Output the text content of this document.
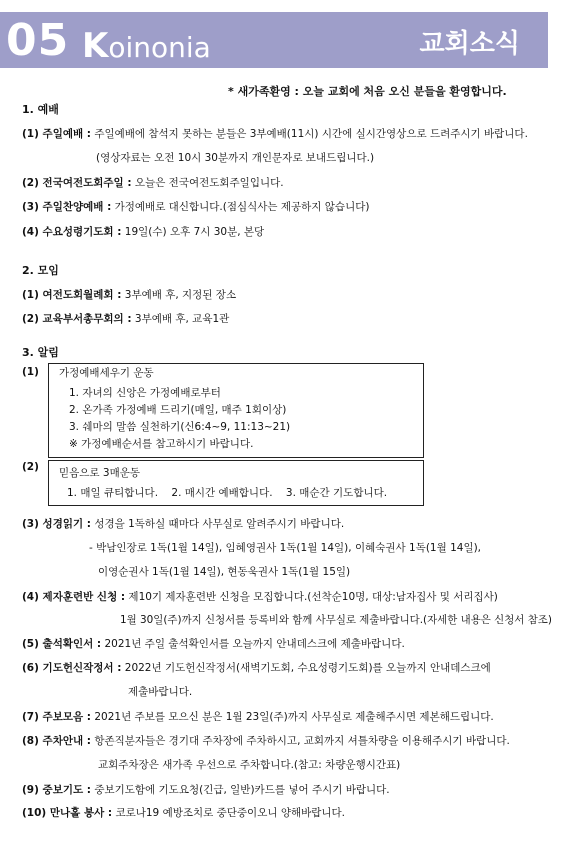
05 Koinonia	교회소식
* 새가족환영 : 오늘 교회에 처음 오신 분들을 환영합니다.
1. 예배
(1) 주일예배 : 주일예배에 참석지 못하는 분들은 3부예배(11시) 시간에 실시간영상으로 드려주시기 바랍니다.
(영상자료는 오전 10시 30분까지 개인문자로 보내드립니다.)
(2) 전국여전도회주일 : 오늘은 전국여전도회주일입니다.
(3) 주일찬양예배 : 가정예배로 대신합니다.(점심식사는 제공하지 않습니다)
(4) 수요성령기도회 : 19일(수) 오후 7시 30분, 본당
2. 모임
(1) 여전도회월례회 : 3부예배 후, 지정된 장소
(2) 교육부서총무회의 : 3부예배 후, 교육1관
3. 알림
(1) 가정예배세우기 운동
1. 자녀의 신앙은 가정예배로부터
2. 온가족 가정예배 드리기(매일, 매주 1회이상)
3. 쉐마의 말씀 실천하기(신6:4~9, 11:13~21)
※ 가정예배순서를 참고하시기 바랍니다.
(2) 믿음으로 3매운동
1. 매일 큐티합니다.    2. 매시간 예배합니다.    3. 매순간 기도합니다.
(3) 성경읽기 : 성경을 1독하실 때마다 사무실로 알려주시기 바랍니다.
- 박남인장로 1독(1월 14일), 임혜영권사 1독(1월 14일), 이혜숙권사 1독(1월 14일),
이영순권사 1독(1월 14일), 현동욱권사 1독(1월 15일)
(4) 제자훈련반 신청 : 제10기 제자훈련반 신청을 모집합니다.(선착순10명, 대상:남자집사 및 서리집사)
1월 30일(주)까지 신청서를 등록비와 함께 사무실로 제출바랍니다.(자세한 내용은 신청서 참조)
(5) 출석확인서 : 2021년 주일 출석확인서를 오늘까지 안내데스크에 제출바랍니다.
(6) 기도헌신작정서 : 2022년 기도헌신작정서(새벽기도회, 수요성령기도회)를 오늘까지 안내데스크에
제출바랍니다.
(7) 주보모음 : 2021년 주보를 모으신 분은 1월 23일(주)까지 사무실로 제출해주시면 제본해드립니다.
(8) 주차안내 : 항존직분자들은 경기대 주차장에 주차하시고, 교회까지 셔틀차량을 이용해주시기 바랍니다.
교회주차장은 새가족 우선으로 주차합니다.(참고: 차량운행시간표)
(9) 중보기도 : 중보기도함에 기도요청(긴급, 일반)카드를 넣어 주시기 바랍니다.
(10) 만나홀 봉사 : 코로나19 예방조치로 중단중이오니 양해바랍니다.
